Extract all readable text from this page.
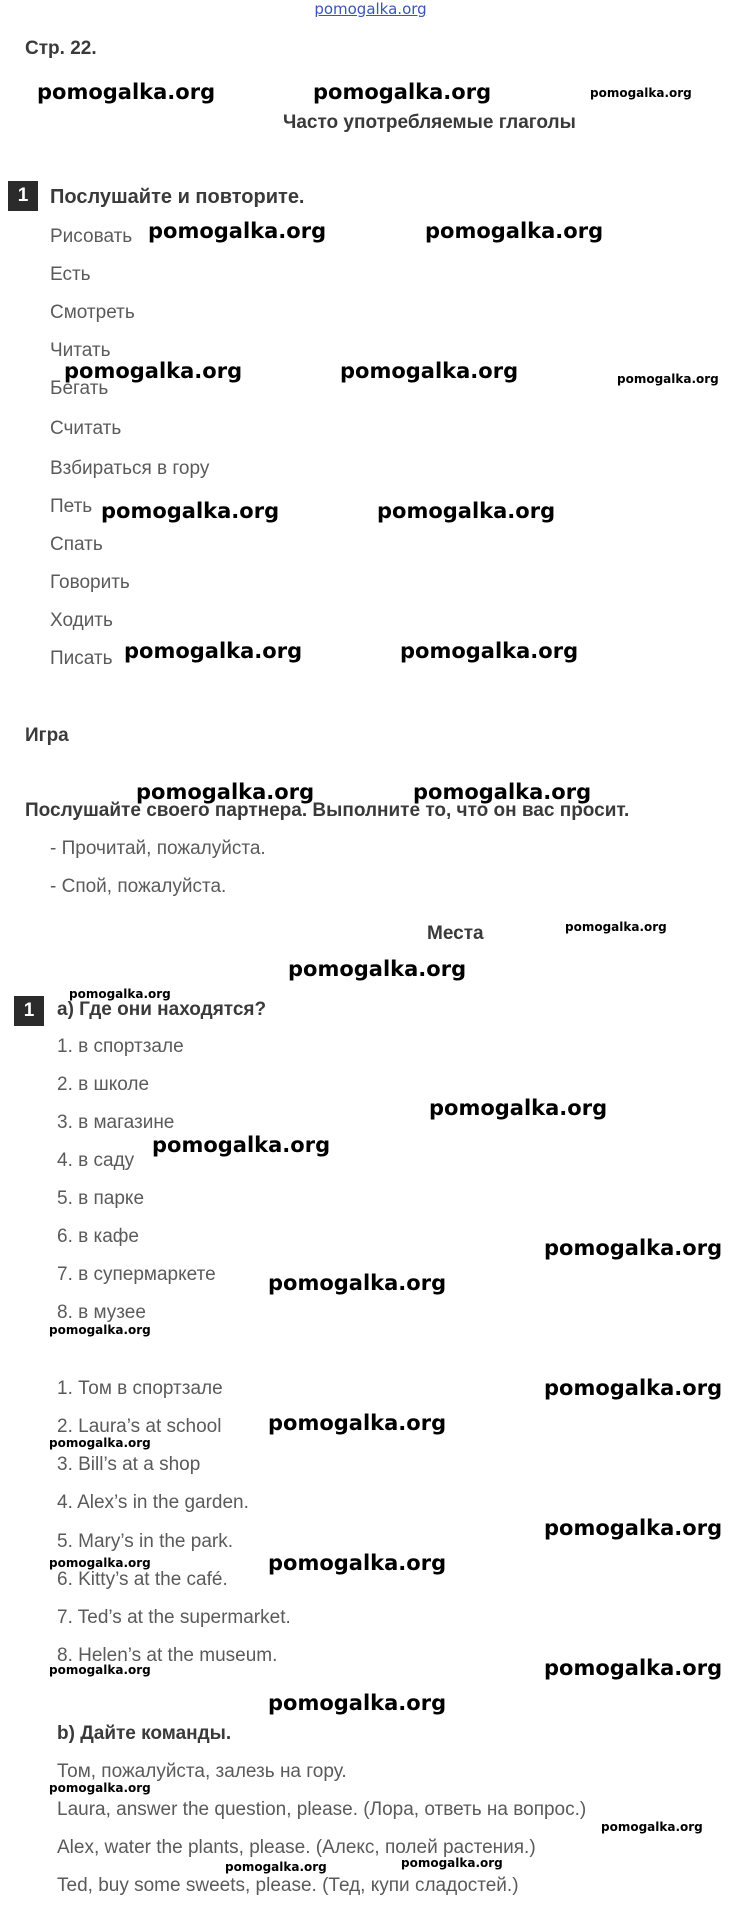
pomogalka.org
Стр. 22.
Часто употребляемые глаголы
1	Послушайте и повторите.
Рисовать
Есть
Смотреть
Читать
Бегать
Считать
Взбираться в гору
Петь
Спать
Говорить
Ходить
Писать
Игра
Послушайте своего партнера. Выполните то, что он вас просит.
- Прочитай, пожалуйста.
- Спой, пожалуйста.
Места
1	а) Где они находятся?
1. в спортзале
2. в школе
3. в магазине
4. в саду
5. в парке
6. в кафе
7. в супермаркете
8. в музее
1. Том в спортзале
2. Laura’s at school
3. Bill’s at a shop
4. Alex’s in the garden.
5. Mary’s in the park.
6. Kitty’s at the café.
7. Ted’s at the supermarket.
8. Helen’s at the museum.
b) Дайте команды.
Том, пожалуйста, залезь на гору.
Laura, answer the question, please. (Лора, ответь на вопрос.)
Alex, water the plants, please. (Алекс, полей растения.)
Ted, buy some sweets, please. (Тед, купи сладостей.)
pomogalka.org	pomogalka.org	pomogalka.org
pomogalka.org	pomogalka.org
pomogalka.org	pomogalka.org	pomogalka.org
pomogalka.org	pomogalka.org
pomogalka.org	pomogalka.org
pomogalka.org	pomogalka.org
pomogalka.org
pomogalka.org
pomogalka.org
pomogalka.org
pomogalka.org
pomogalka.org
pomogalka.org
pomogalka.org
pomogalka.org
pomogalka.org
pomogalka.org
pomogalka.org
pomogalka.org
pomogalka.org
pomogalka.org
pomogalka.org
pomogalka.org
pomogalka.org
pomogalka.org
pomogalka.org
pomogalka.org
